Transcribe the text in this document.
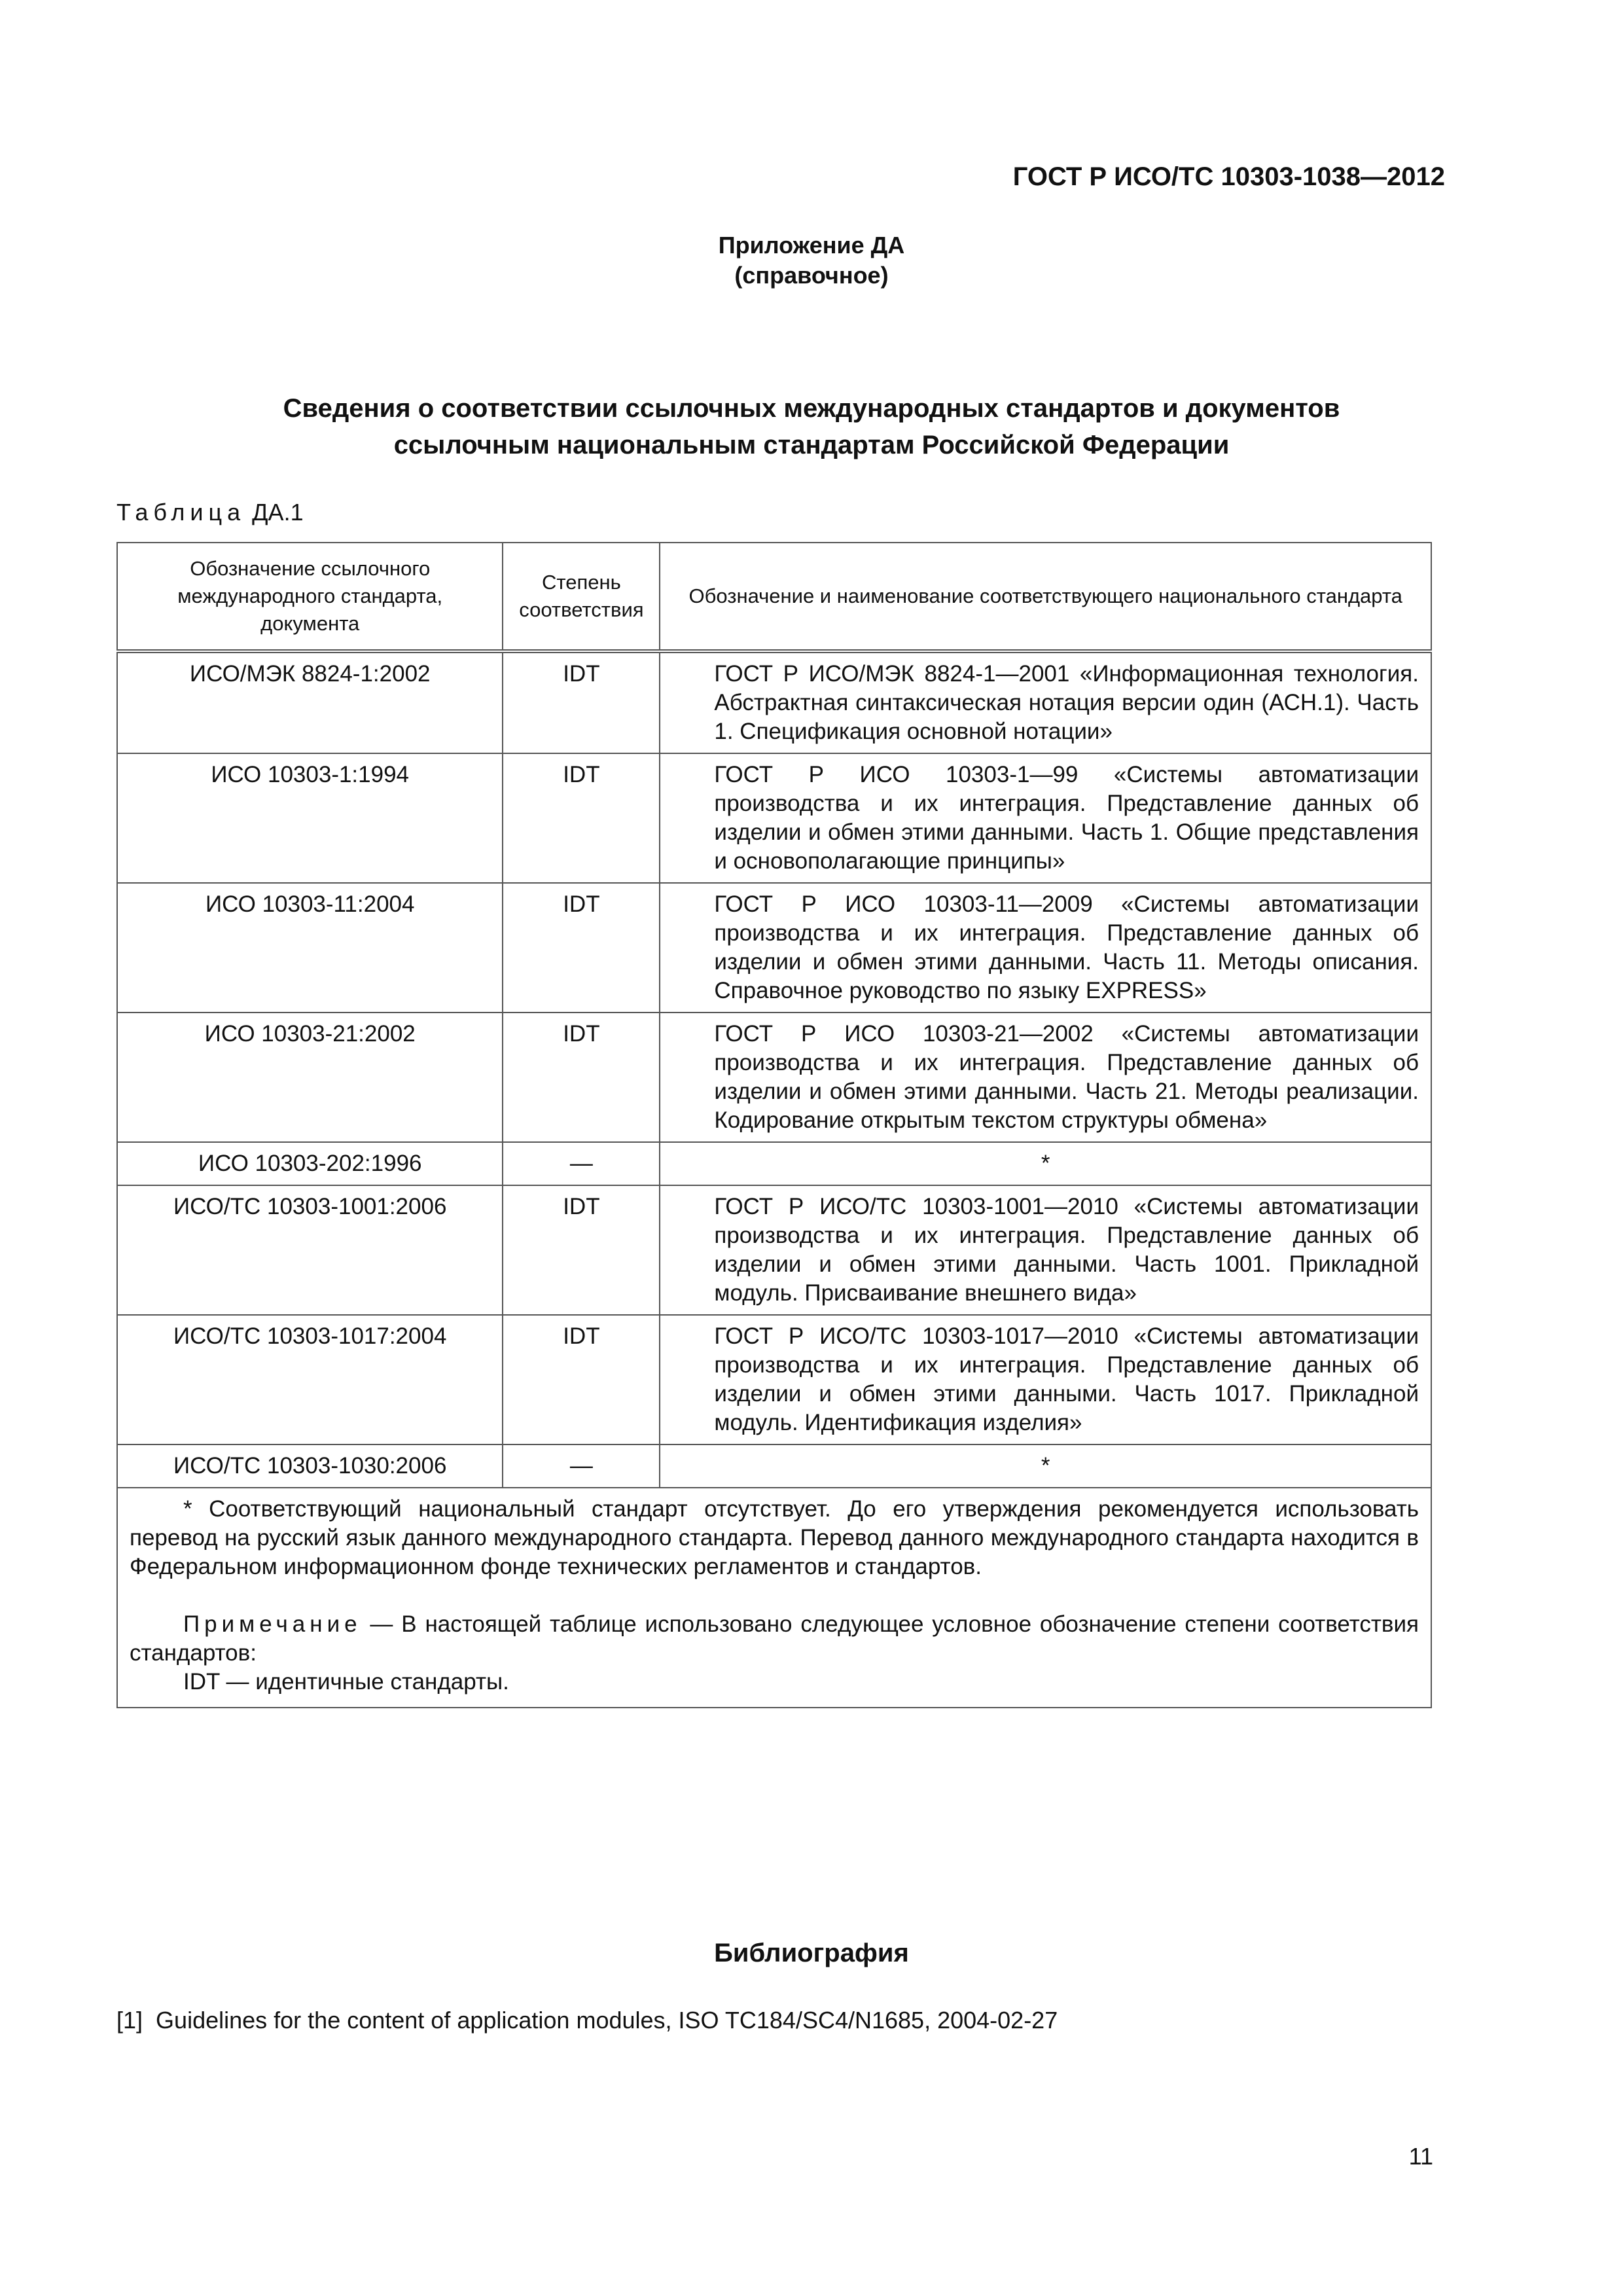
ГОСТ Р ИСО/ТС 10303-1038—2012
Приложение ДА
(справочное)
Сведения о соответствии ссылочных международных стандартов и документов
ссылочным национальным стандартам Российской Федерации
Таблица ДА.1
Обозначение ссылочного международного стандарта, документа	Степень соответствия	Обозначение и наименование соответствующего национального стандарта
ИСО/МЭК 8824-1:2002	IDT	ГОСТ Р ИСО/МЭК 8824-1—2001 «Информационная технология. Абстрактная синтаксическая нотация версии один (АСН.1). Часть 1. Спецификация основной нотации»

ИСО 10303-1:1994	IDT	ГОСТ Р ИСО 10303-1—99 «Системы автоматизации производства и их интеграция. Представление данных об изделии и обмен этими данными. Часть 1. Общие представления и основополагающие принципы»

ИСО 10303-11:2004	IDT	ГОСТ Р ИСО 10303-11—2009 «Системы автоматизации производства и их интеграция. Представление данных об изделии и обмен этими данными. Часть 11. Методы описания. Справочное руководство по языку EXPRESS»

ИСО 10303-21:2002	IDT	ГОСТ Р ИСО 10303-21—2002 «Системы автоматизации производства и их интеграция. Представление данных об изделии и обмен этими данными. Часть 21. Методы реализации. Кодирование открытым текстом структуры обмена»

ИСО 10303-202:1996	—	*
ИСО/ТС 10303-1001:2006	IDT	ГОСТ Р ИСО/ТС 10303-1001—2010 «Системы автоматизации производства и их интеграция. Представление данных об изделии и обмен этими данными. Часть 1001. Прикладной модуль. Присваивание внешнего вида»

ИСО/ТС 10303-1017:2004	IDT	ГОСТ Р ИСО/ТС 10303-1017—2010 «Системы автоматизации производства и их интеграция. Представление данных об изделии и обмен этими данными. Часть 1017. Прикладной модуль. Идентификация изделия»

ИСО/ТС 10303-1030:2006	—	*

* Соответствующий национальный стандарт отсутствует. До его утверждения рекомендуется использовать перевод на русский язык данного международного стандарта. Перевод данного международного стандарта находится в Федеральном информационном фонде технических регламентов и стандартов.

Примечание — В настоящей таблице использовано следующее условное обозначение степени соответствия стандартов:

IDT — идентичные стандарты.		

Библиография
[1] Guidelines for the content of application modules, ISO TC184/SC4/N1685, 2004-02-27
11
